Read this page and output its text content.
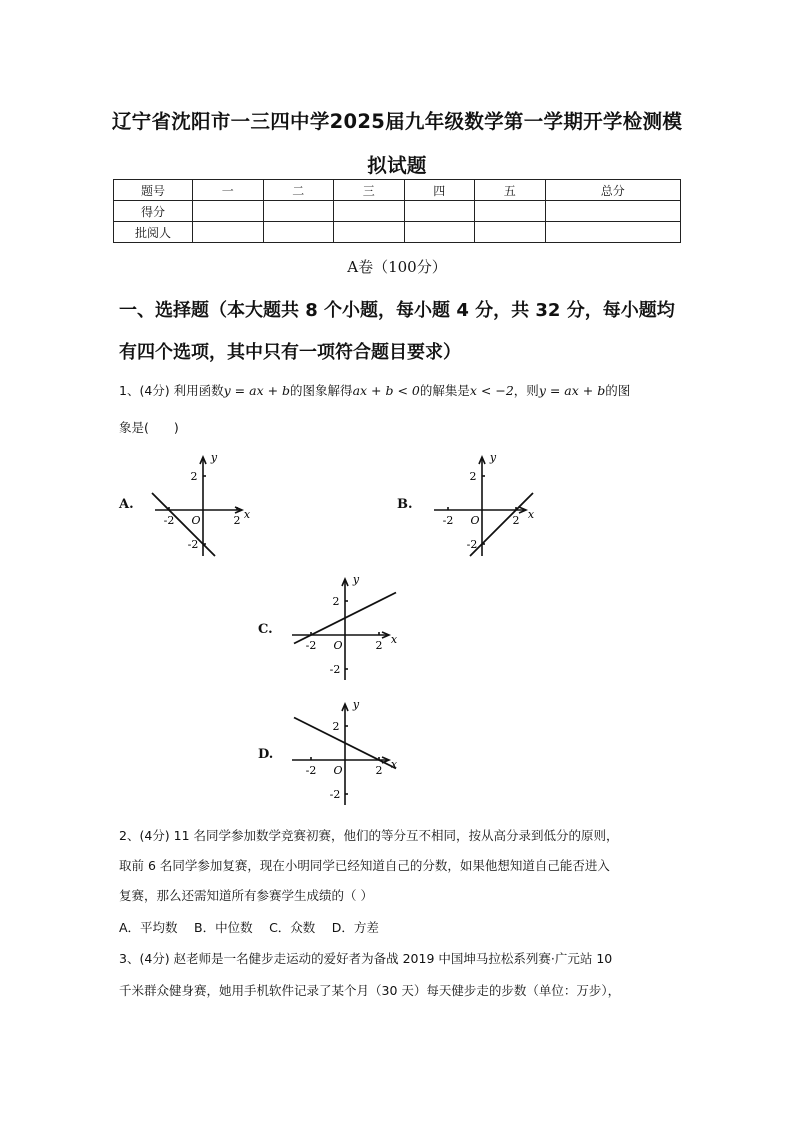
辽宁省沈阳市一三四中学2025届九年级数学第一学期开学检测模
拟试题
题号	一	二	三	四	五	总分
得分						
批阅人						
A卷（100分）
一、选择题（本大题共 8 个小题，每小题 4 分，共 32 分，每小题均
有四个选项，其中只有一项符合题目要求）
1、(4分) 利用函数y = ax + b的图象解得ax + b < 0的解集是x < −2，则y = ax + b的图
象是(　　)
A.
y
x
O	2
-2
2
-2
B.
y
x
O	2
-2
2
-2
C.
y
x
O	2
-2
2
-2
D.
y
x
O	2
-2
2
-2
2、(4分) 11 名同学参加数学竞赛初赛，他们的等分互不相同，按从高分录到低分的原则，
取前 6 名同学参加复赛，现在小明同学已经知道自己的分数，如果他想知道自己能否进入
复赛，那么还需知道所有参赛学生成绩的（ ）
A．平均数　 B．中位数　 C．众数　 D．方差
3、(4分) 赵老师是一名健步走运动的爱好者为备战 2019 中国坤马拉松系列赛·广元站 10
千米群众健身赛，她用手机软件记录了某个月（30 天）每天健步走的步数（单位：万步），
